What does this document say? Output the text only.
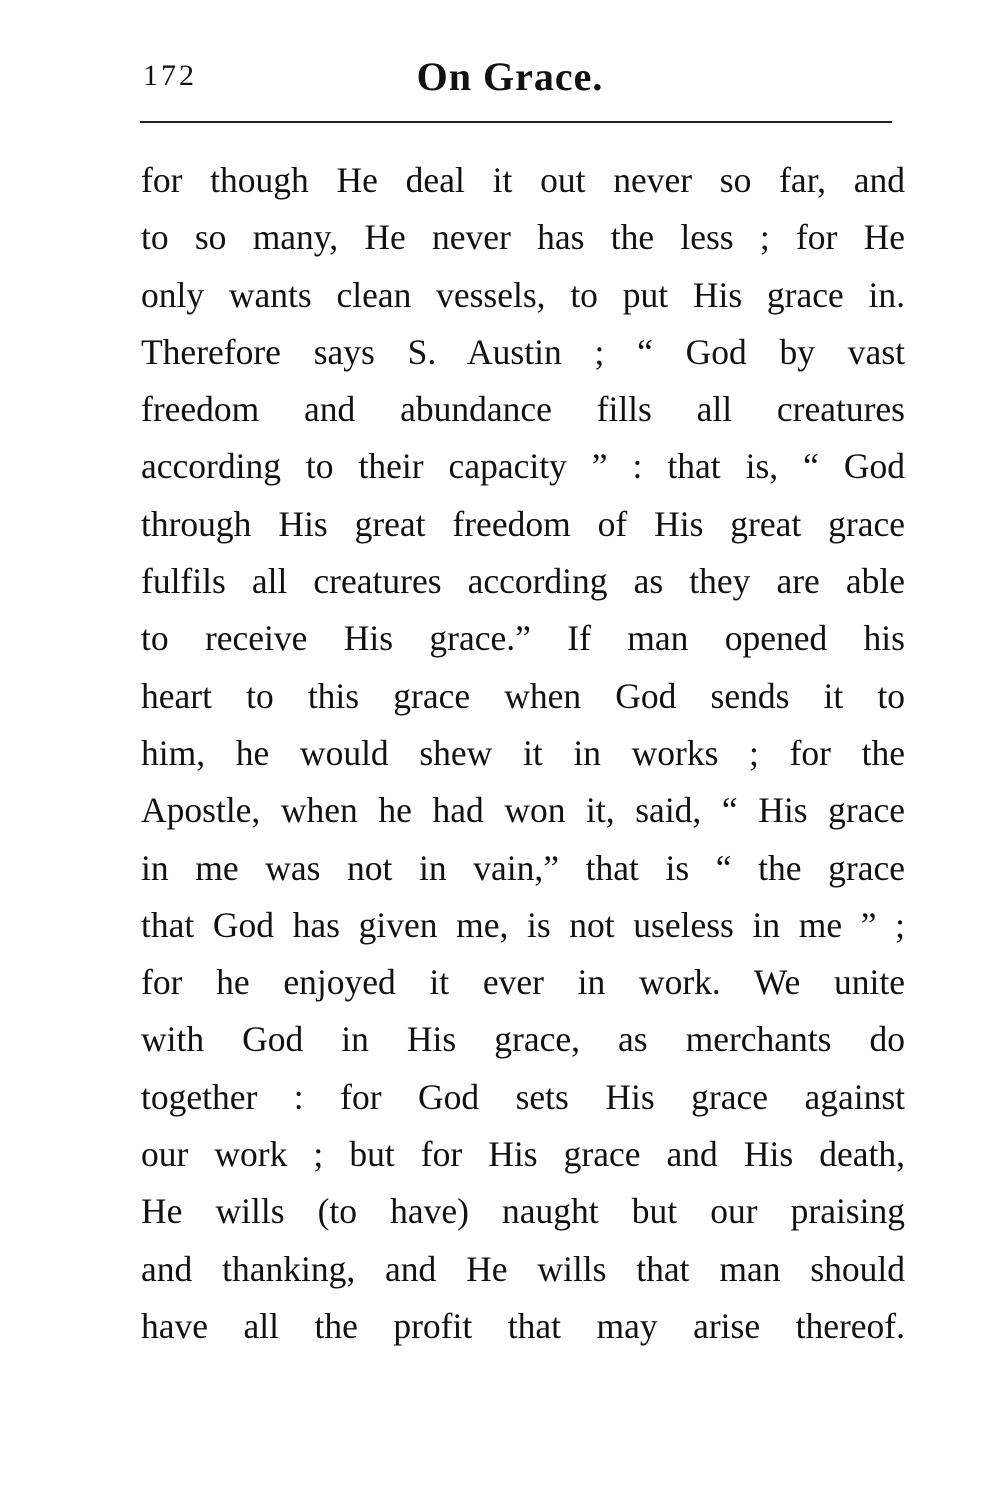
172	On Grace.
for though He deal it out never so far, and
to so many, He never has the less ; for He
only wants clean vessels, to put His grace in.
Therefore says S. Austin ; “ God by vast
freedom and abundance fills all creatures
according to their capacity ” : that is, “ God
through His great freedom of His great grace
fulfils all creatures according as they are able
to receive His grace.” If man opened his
heart to this grace when God sends it to
him, he would shew it in works ; for the
Apostle, when he had won it, said, “ His grace
in me was not in vain,” that is “ the grace
that God has given me, is not useless in me ” ;
for he enjoyed it ever in work. We unite
with God in His grace, as merchants do
together : for God sets His grace against
our work ; but for His grace and His death,
He wills (to have) naught but our praising
and thanking, and He wills that man should
have all the profit that may arise thereof.
